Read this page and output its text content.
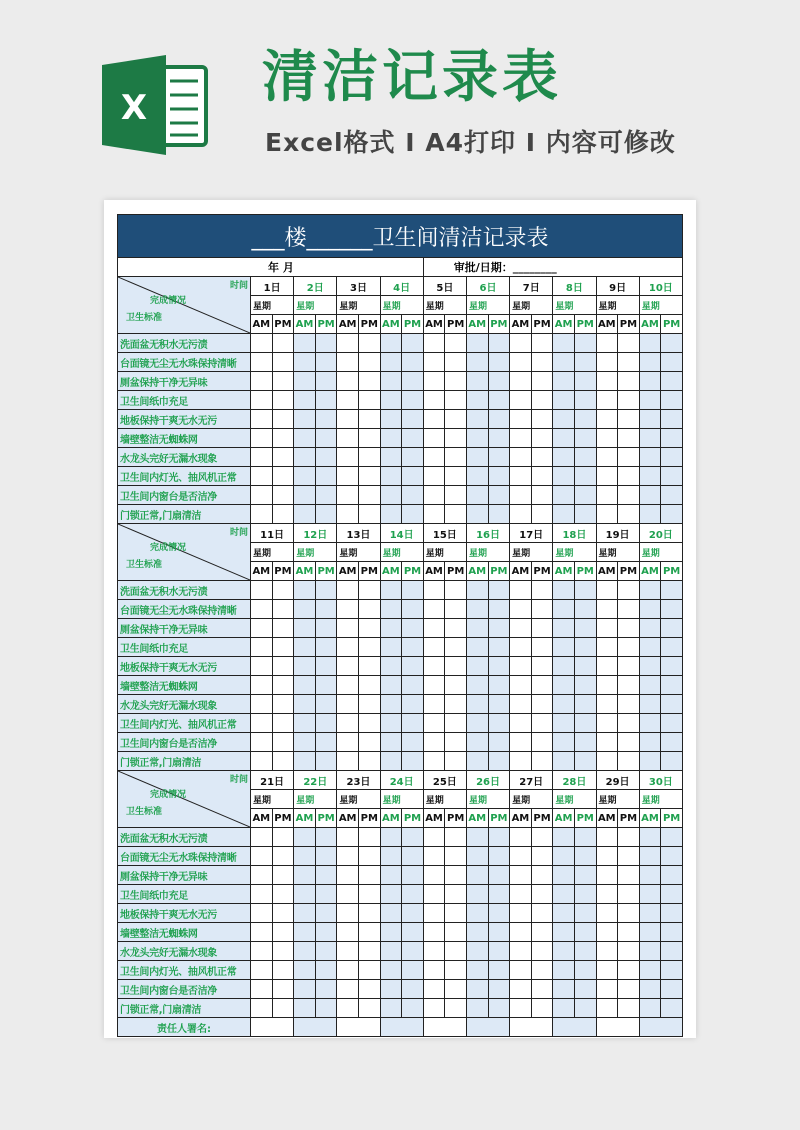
X 清洁记录表
Excel格式 I A4打印 I 内容可修改
___楼______卫生间清洁记录表																				
年 月									审批/日期：________											

时间
完成情况
卫生标准	1日		2日		3日		4日		5日		6日		7日		8日		9日		10日	
	星期		星期		星期		星期		星期		星期		星期		星期		星期		星期	
	AM	PM	AM	PM	AM	PM	AM	PM	AM	PM	AM	PM	AM	PM	AM	PM	AM	PM	AM	PM
洗面盆无积水无污渍																				
台面镜无尘无水珠保持清晰																				
厕盆保持干净无异味																				
卫生间纸巾充足																				
地板保持干爽无水无污																				
墙壁整洁无蜘蛛网																				
水龙头完好无漏水现象																				
卫生间内灯光、抽风机正常																				
卫生间内窗台是否洁净																				
门锁正常,门扇清洁																				

时间
完成情况
卫生标准	11日		12日		13日		14日		15日		16日		17日		18日		19日		20日	
	星期		星期		星期		星期		星期		星期		星期		星期		星期		星期	
	AM	PM	AM	PM	AM	PM	AM	PM	AM	PM	AM	PM	AM	PM	AM	PM	AM	PM	AM	PM
洗面盆无积水无污渍																				
台面镜无尘无水珠保持清晰																				
厕盆保持干净无异味																				
卫生间纸巾充足																				
地板保持干爽无水无污																				
墙壁整洁无蜘蛛网																				
水龙头完好无漏水现象																				
卫生间内灯光、抽风机正常																				
卫生间内窗台是否洁净																				
门锁正常,门扇清洁																				

时间
完成情况
卫生标准	21日		22日		23日		24日		25日		26日		27日		28日		29日		30日	
	星期		星期		星期		星期		星期		星期		星期		星期		星期		星期	
	AM	PM	AM	PM	AM	PM	AM	PM	AM	PM	AM	PM	AM	PM	AM	PM	AM	PM	AM	PM
洗面盆无积水无污渍																				
台面镜无尘无水珠保持清晰																				
厕盆保持干净无异味																				
卫生间纸巾充足																				
地板保持干爽无水无污																				
墙壁整洁无蜘蛛网																				
水龙头完好无漏水现象																				
卫生间内灯光、抽风机正常																				
卫生间内窗台是否洁净																				
门锁正常,门扇清洁																				
责任人署名:																				
